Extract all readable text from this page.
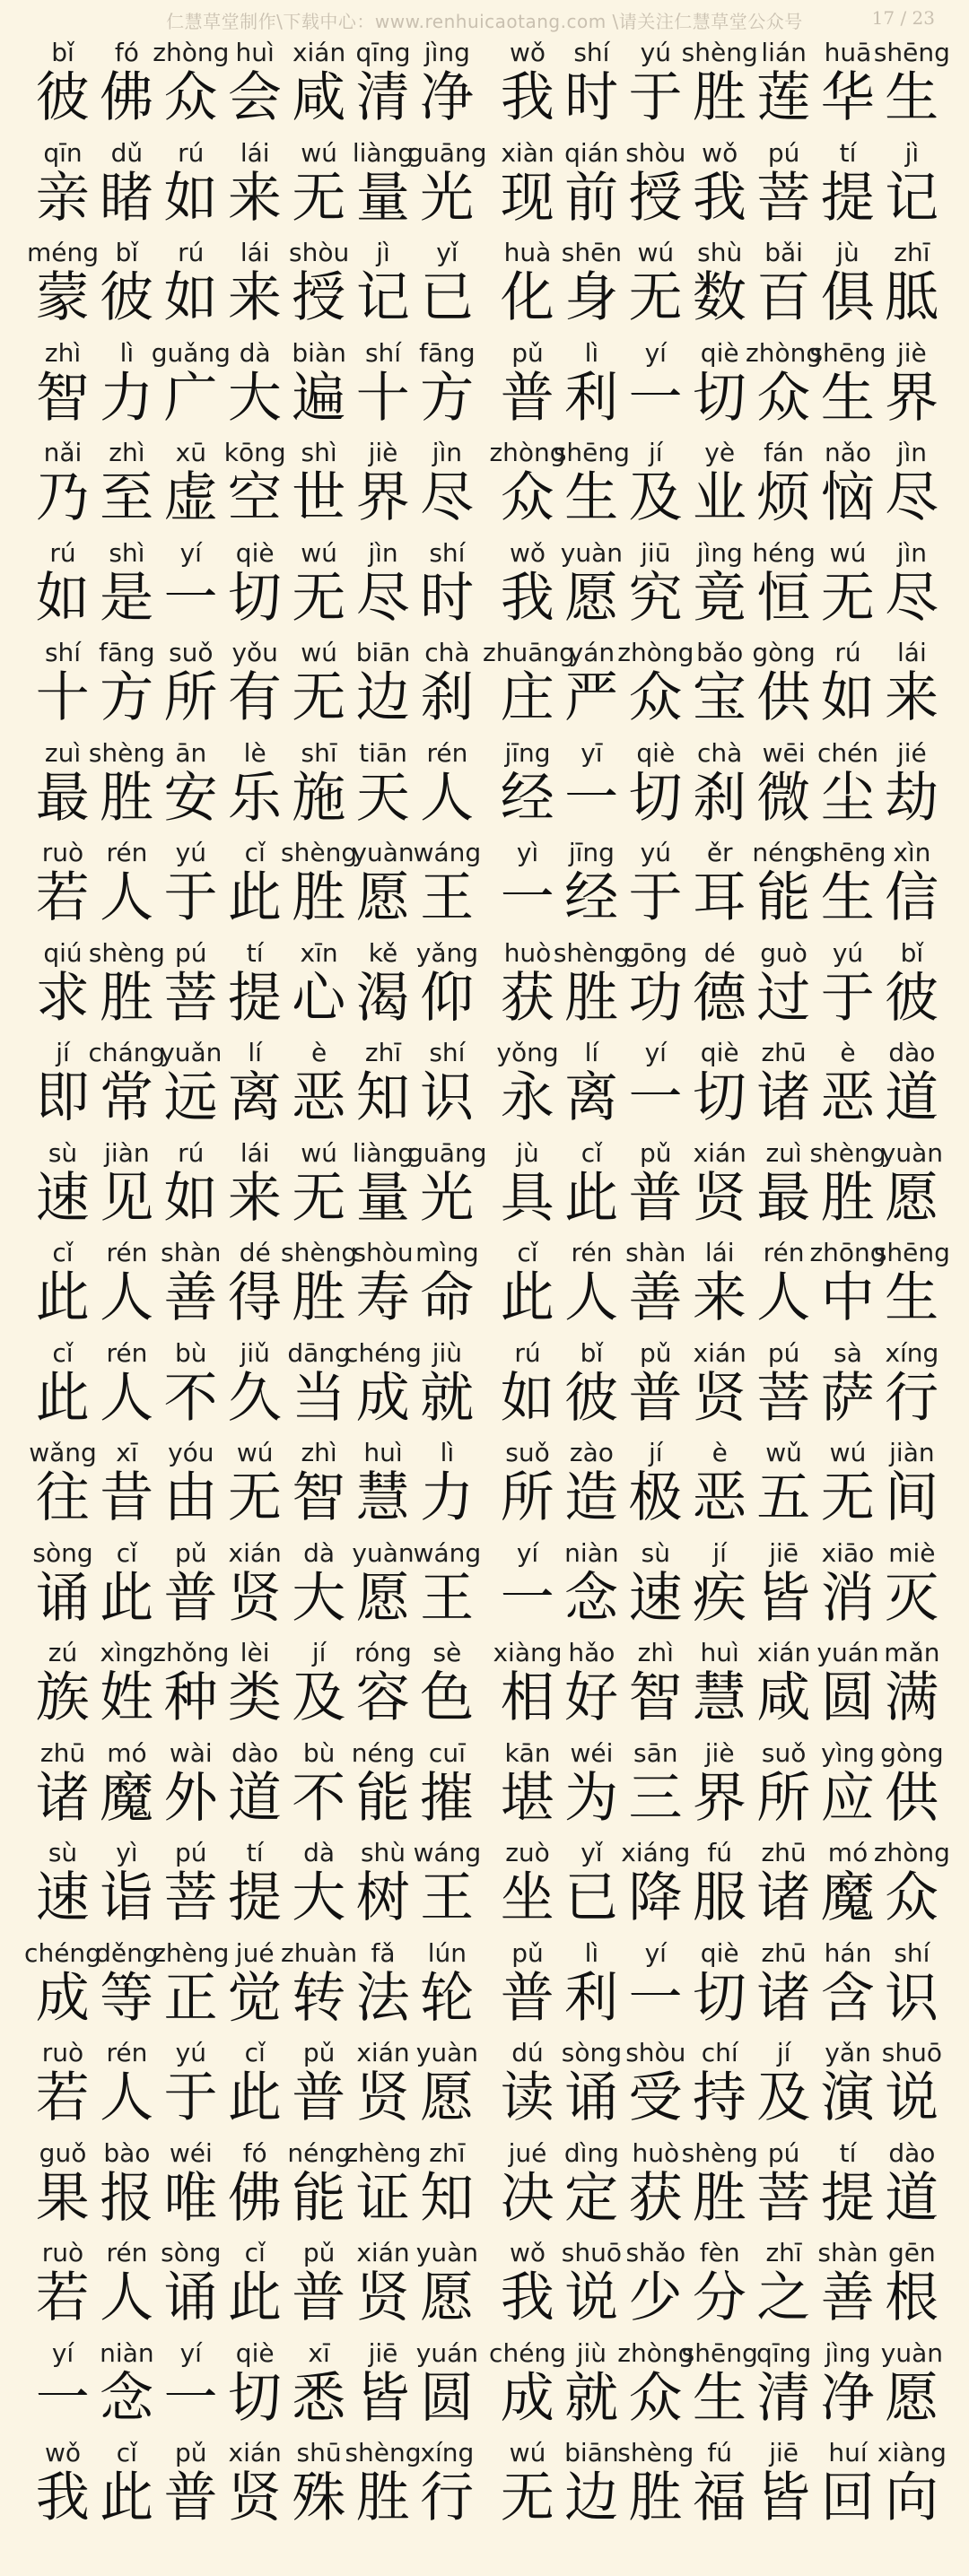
仁慧草堂制作\下载中心：www.renhuicaotang.com \请关注仁慧草堂公众号	17 / 23
bǐ
彼
fó
佛
zhòng
众
huì
会
xián
咸
qīng
清
jìng
净
wǒ
我
shí
时
yú
于
shèng
胜
lián
莲
huā
华
shēng
生
qīn
亲
dǔ
睹
rú
如
lái
来
wú
无
liàng
量
guāng
光
xiàn
现
qián
前
shòu
授
wǒ
我
pú
菩
tí
提
jì
记
méng
蒙
bǐ
彼
rú
如
lái
来
shòu
授
jì
记
yǐ
已
huà
化
shēn
身
wú
无
shù
数
bǎi
百
jù
俱
zhī
胝
zhì
智
lì
力
guǎng
广
dà
大
biàn
遍
shí
十
fāng
方
pǔ
普
lì
利
yí
一
qiè
切
zhòng
众
shēng
生
jiè
界
nǎi
乃
zhì
至
xū
虚
kōng
空
shì
世
jiè
界
jìn
尽
zhòng
众
shēng
生
jí
及
yè
业
fán
烦
nǎo
恼
jìn
尽
rú
如
shì
是
yí
一
qiè
切
wú
无
jìn
尽
shí
时
wǒ
我
yuàn
愿
jiū
究
jìng
竟
héng
恒
wú
无
jìn
尽
shí
十
fāng
方
suǒ
所
yǒu
有
wú
无
biān
边
chà
刹
zhuāng
庄
yán
严
zhòng
众
bǎo
宝
gòng
供
rú
如
lái
来
zuì
最
shèng
胜
ān
安
lè
乐
shī
施
tiān
天
rén
人
jīng
经
yī
一
qiè
切
chà
刹
wēi
微
chén
尘
jié
劫
ruò
若
rén
人
yú
于
cǐ
此
shèng
胜
yuàn
愿
wáng
王
yì
一
jīng
经
yú
于
ěr
耳
néng
能
shēng
生
xìn
信
qiú
求
shèng
胜
pú
菩
tí
提
xīn
心
kě
渴
yǎng
仰
huò
获
shèng
胜
gōng
功
dé
德
guò
过
yú
于
bǐ
彼
jí
即
cháng
常
yuǎn
远
lí
离
è
恶
zhī
知
shí
识
yǒng
永
lí
离
yí
一
qiè
切
zhū
诸
è
恶
dào
道
sù
速
jiàn
见
rú
如
lái
来
wú
无
liàng
量
guāng
光
jù
具
cǐ
此
pǔ
普
xián
贤
zuì
最
shèng
胜
yuàn
愿
cǐ
此
rén
人
shàn
善
dé
得
shèng
胜
shòu
寿
mìng
命
cǐ
此
rén
人
shàn
善
lái
来
rén
人
zhōng
中
shēng
生
cǐ
此
rén
人
bù
不
jiǔ
久
dāng
当
chéng
成
jiù
就
rú
如
bǐ
彼
pǔ
普
xián
贤
pú
菩
sà
萨
xíng
行
wǎng
往
xī
昔
yóu
由
wú
无
zhì
智
huì
慧
lì
力
suǒ
所
zào
造
jí
极
è
恶
wǔ
五
wú
无
jiàn
间
sòng
诵
cǐ
此
pǔ
普
xián
贤
dà
大
yuàn
愿
wáng
王
yí
一
niàn
念
sù
速
jí
疾
jiē
皆
xiāo
消
miè
灭
zú
族
xìng
姓
zhǒng
种
lèi
类
jí
及
róng
容
sè
色
xiàng
相
hǎo
好
zhì
智
huì
慧
xián
咸
yuán
圆
mǎn
满
zhū
诸
mó
魔
wài
外
dào
道
bù
不
néng
能
cuī
摧
kān
堪
wéi
为
sān
三
jiè
界
suǒ
所
yìng
应
gòng
供
sù
速
yì
诣
pú
菩
tí
提
dà
大
shù
树
wáng
王
zuò
坐
yǐ
已
xiáng
降
fú
服
zhū
诸
mó
魔
zhòng
众
chéng
成
děng
等
zhèng
正
jué
觉
zhuàn
转
fǎ
法
lún
轮
pǔ
普
lì
利
yí
一
qiè
切
zhū
诸
hán
含
shí
识
ruò
若
rén
人
yú
于
cǐ
此
pǔ
普
xián
贤
yuàn
愿
dú
读
sòng
诵
shòu
受
chí
持
jí
及
yǎn
演
shuō
说
guǒ
果
bào
报
wéi
唯
fó
佛
néng
能
zhèng
证
zhī
知
jué
决
dìng
定
huò
获
shèng
胜
pú
菩
tí
提
dào
道
ruò
若
rén
人
sòng
诵
cǐ
此
pǔ
普
xián
贤
yuàn
愿
wǒ
我
shuō
说
shǎo
少
fèn
分
zhī
之
shàn
善
gēn
根
yí
一
niàn
念
yí
一
qiè
切
xī
悉
jiē
皆
yuán
圆
chéng
成
jiù
就
zhòng
众
shēng
生
qīng
清
jìng
净
yuàn
愿
wǒ
我
cǐ
此
pǔ
普
xián
贤
shū
殊
shèng
胜
xíng
行
wú
无
biān
边
shèng
胜
fú
福
jiē
皆
huí
回
xiàng
向
